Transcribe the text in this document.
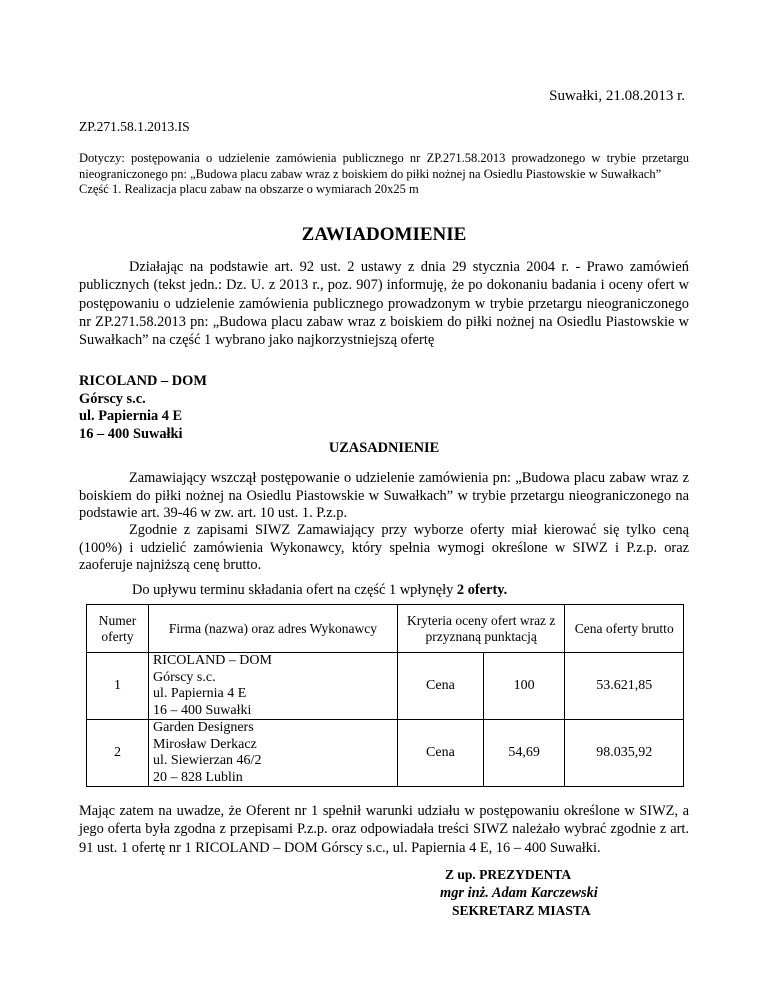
Suwałki, 21.08.2013 r.
ZP.271.58.1.2013.IS

Dotyczy: postępowania o udzielenie zamówienia publicznego nr ZP.271.58.2013 prowadzonego w trybie przetargu nieograniczonego pn: „Budowa placu zabaw wraz z boiskiem do piłki nożnej na Osiedlu Piastowskie w Suwałkach”

Część 1. Realizacja placu zabaw na obszarze o wymiarach 20x25 m

ZAWIADOMIENIE

Działając na podstawie art. 92 ust. 2 ustawy z dnia 29 stycznia 2004 r. - Prawo zamówień publicznych (tekst jedn.: Dz. U. z 2013 r., poz. 907) informuję, że po dokonaniu badania i oceny ofert w postępowaniu o udzielenie zamówienia publicznego prowadzonym w trybie przetargu nieograniczonego nr ZP.271.58.2013 pn: „Budowa placu zabaw wraz z boiskiem do piłki nożnej na Osiedlu Piastowskie w Suwałkach” na część 1 wybrano jako najkorzystniejszą ofertę

RICOLAND – DOM
Górscy s.c.
ul. Papiernia 4 E
16 – 400 Suwałki
UZASADNIENIE

Zamawiający wszczął postępowanie o udzielenie zamówienia pn: „Budowa placu zabaw wraz z boiskiem do piłki nożnej na Osiedlu Piastowskie w Suwałkach” w trybie przetargu nieograniczonego na podstawie art. 39-46 w zw. art. 10 ust. 1. P.z.p.

Zgodnie z zapisami SIWZ Zamawiający przy wyborze oferty miał kierować się tylko ceną (100%) i udzielić zamówienia Wykonawcy, który spełnia wymogi określone w SIWZ i P.z.p. oraz zaoferuje najniższą cenę brutto.

Do upływu terminu składania ofert na część 1 wpłynęły 2 oferty.
Numer oferty	Firma (nazwa) oraz adres Wykonawcy	Kryteria oceny ofert wraz z przyznaną punktacją		Cena oferty brutto
1	RICOLAND – DOM
Górscy s.c.
ul. Papiernia 4 E
16 – 400 Suwałki	Cena	100	53.621,85
2	Garden Designers
Mirosław Derkacz
ul. Siewierzan 46/2
20 – 828 Lublin	Cena	54,69	98.035,92

Mając zatem na uwadze, że Oferent nr 1 spełnił warunki udziału w postępowaniu określone w SIWZ, a jego oferta była zgodna z przepisami P.z.p. oraz odpowiadała treści SIWZ należało wybrać zgodnie z art. 91 ust. 1 ofertę nr 1 RICOLAND – DOM Górscy s.c., ul. Papiernia 4 E, 16 – 400 Suwałki.

Z up. PREZYDENTA
mgr inż. Adam Karczewski
SEKRETARZ MIASTA
